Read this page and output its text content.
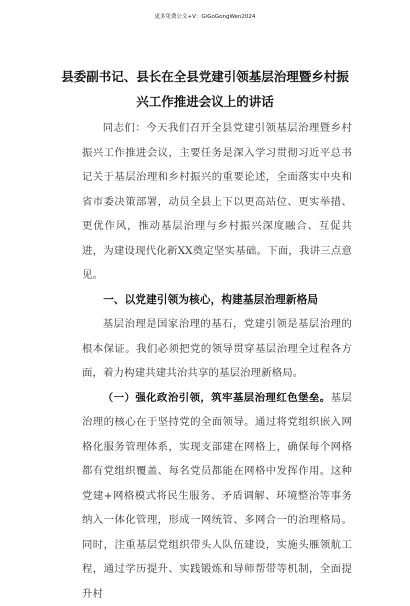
更多免费公文+V：GiGoGongWen2024
县委副书记、县长在全县党建引领基层治理暨乡村振兴工作推进会议上的讲话

同志们：今天我们召开全县党建引领基层治理暨乡村振兴工作推进会议，主要任务是深入学习贯彻习近平总书记关于基层治理和乡村振兴的重要论述，全面落实中央和省市委决策部署，动员全县上下以更高站位、更实举措、更优作风，推动基层治理与乡村振兴深度融合、互促共进，为建设现代化新XX奠定坚实基础。下面，我讲三点意见。

一、以党建引领为核心，构建基层治理新格局

基层治理是国家治理的基石，党建引领是基层治理的根本保证。我们必须把党的领导贯穿基层治理全过程各方面，着力构建共建共治共享的基层治理新格局。

（一）强化政治引领，筑牢基层治理红色堡垒。基层治理的核心在于坚持党的全面领导。通过将党组织嵌入网格化服务管理体系，实现支部建在网格上，确保每个网格都有党组织覆盖、每名党员都能在网格中发挥作用。这种党建+网格模式将民生服务、矛盾调解、环境整治等事务纳入一体化管理，形成一网统管、多网合一的治理格局。同时，注重基层党组织带头人队伍建设，实施头雁领航工程，通过学历提升、实践锻炼和导师帮带等机制，全面提升村
